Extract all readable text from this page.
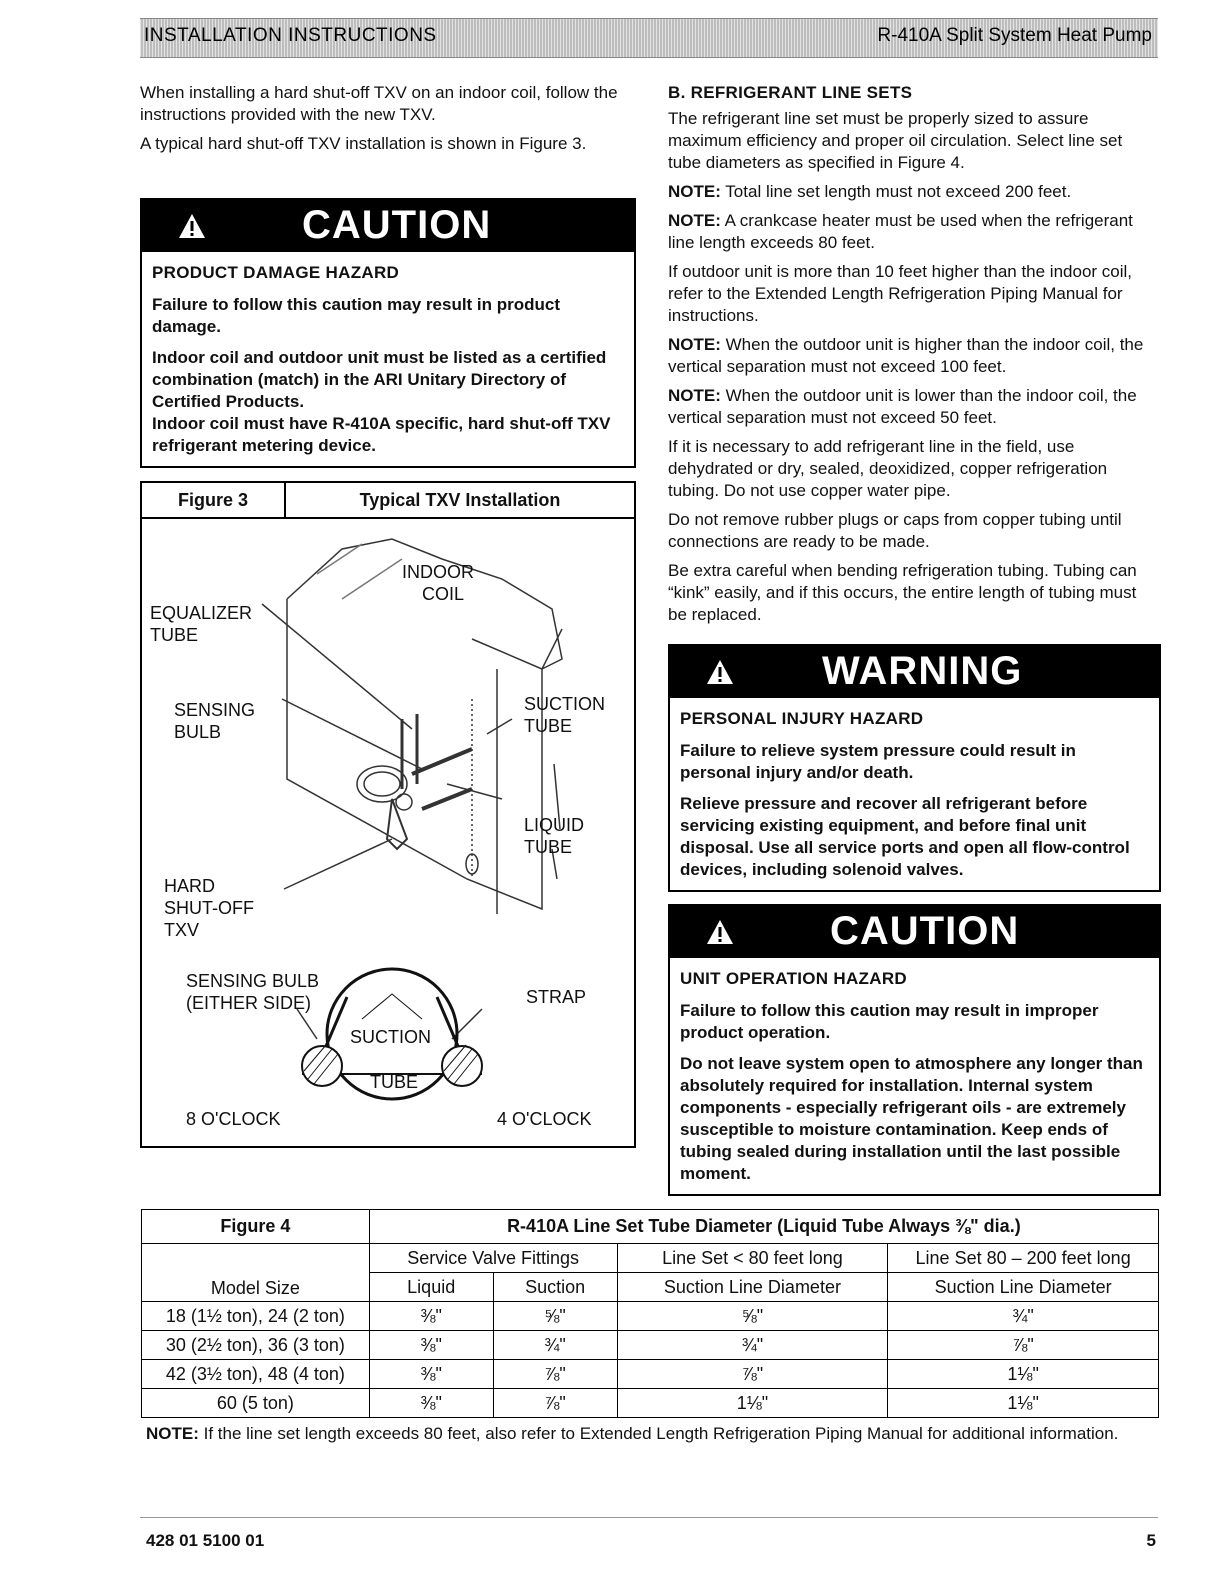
INSTALLATION INSTRUCTIONS	R-410A Split System Heat Pump

When installing a hard shut-off TXV on an indoor coil, follow the instructions provided with the new TXV.

A typical hard shut-off TXV installation is shown in Figure 3.

CAUTION
PRODUCT DAMAGE HAZARD

Failure to follow this caution may result in product damage.

Indoor coil and outdoor unit must be listed as a certified combination (match) in the ARI Unitary Directory of Certified Products.

Indoor coil must have R-410A specific, hard shut-off TXV refrigerant metering device.

Figure 3	Typical TXV Installation
INDOOR
COIL
EQUALIZER
TUBE
SENSING
BULB
SUCTION
TUBE
LIQUID
TUBE
HARD
SHUT-OFF
TXV
SENSING BULB
(EITHER SIDE)	STRAP
SUCTION
TUBE
8 O'CLOCK	4 O'CLOCK
B. REFRIGERANT LINE SETS

The refrigerant line set must be properly sized to assure maximum efficiency and proper oil circulation. Select line set tube diameters as specified in Figure 4.

NOTE: Total line set length must not exceed 200 feet.

NOTE: A crankcase heater must be used when the refrigerant line length exceeds 80 feet.

If outdoor unit is more than 10 feet higher than the indoor coil, refer to the Extended Length Refrigeration Piping Manual for instructions.

NOTE: When the outdoor unit is higher than the indoor coil, the vertical separation must not exceed 100 feet.

NOTE: When the outdoor unit is lower than the indoor coil, the vertical separation must not exceed 50 feet.

If it is necessary to add refrigerant line in the field, use dehydrated or dry, sealed, deoxidized, copper refrigeration tubing. Do not use copper water pipe.

Do not remove rubber plugs or caps from copper tubing until connections are ready to be made.

Be extra careful when bending refrigeration tubing. Tubing can “kink” easily, and if this occurs, the entire length of tubing must be replaced.

WARNING
PERSONAL INJURY HAZARD

Failure to relieve system pressure could result in personal injury and/or death.

Relieve pressure and recover all refrigerant before servicing existing equipment, and before final unit disposal. Use all service ports and open all flow-control devices, including solenoid valves.

CAUTION
UNIT OPERATION HAZARD

Failure to follow this caution may result in improper product operation.

Do not leave system open to atmosphere any longer than absolutely required for installation. Internal system components - especially refrigerant oils - are extremely susceptible to moisture contamination. Keep ends of tubing sealed during installation until the last possible moment.

Figure 4	R-410A Line Set Tube Diameter (Liquid Tube Always ⅜" dia.)			
Model Size	Service Valve Fittings		Line Set < 80 feet long	Line Set 80 – 200 feet long
	Liquid	Suction	Suction Line Diameter	Suction Line Diameter
18 (1½ ton), 24 (2 ton)	⅜"	⅝"	⅝"	¾"
30 (2½ ton), 36 (3 ton)	⅜"	¾"	¾"	⅞"
42 (3½ ton), 48 (4 ton)	⅜"	⅞"	⅞"	1⅛"
60 (5 ton)	⅜"	⅞"	1⅛"	1⅛"
NOTE: If the line set length exceeds 80 feet, also refer to Extended Length Refrigeration Piping Manual for additional information.
428 01 5100 01	5
